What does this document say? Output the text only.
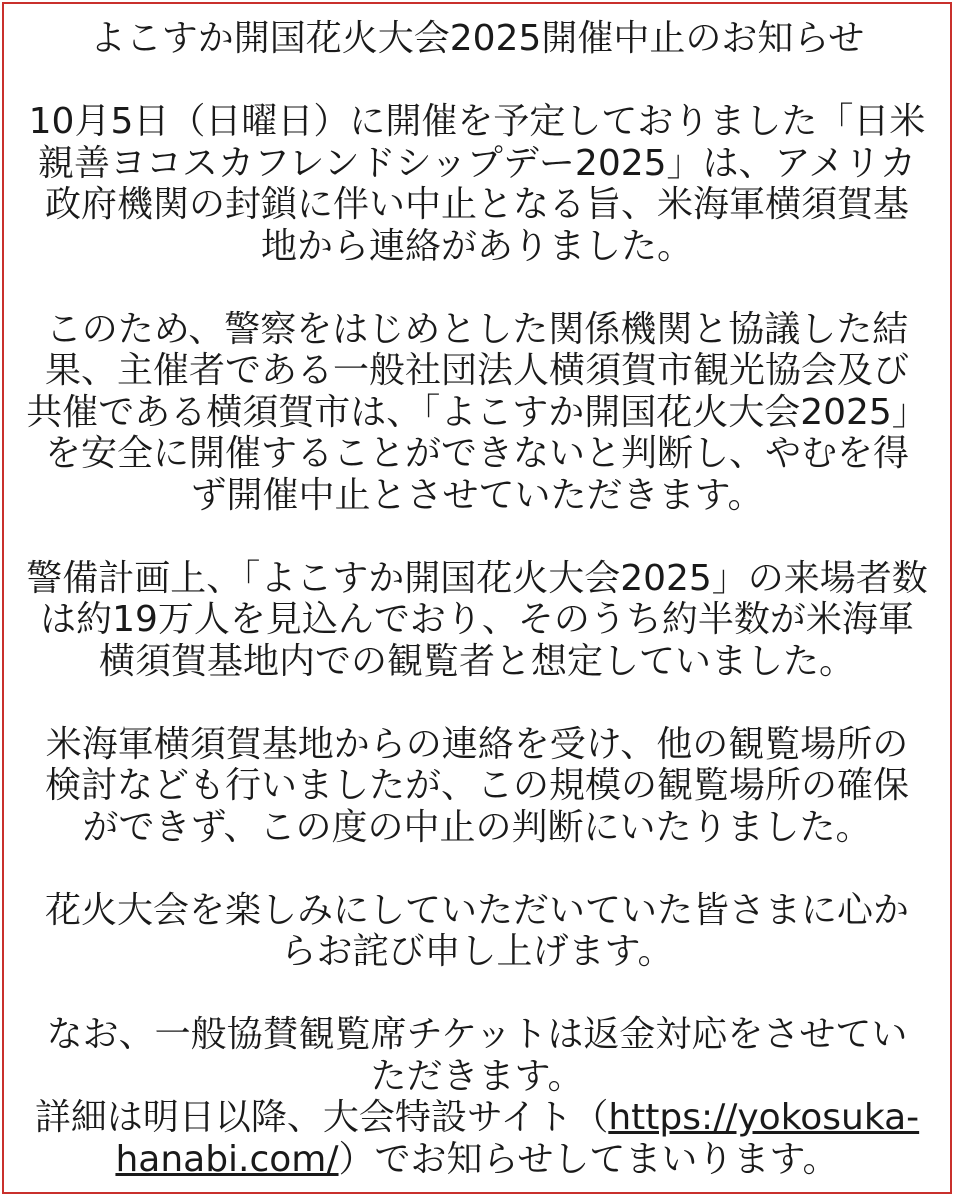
よこすか開国花火大会2025開催中止のお知らせ

10月5日（日曜日）に開催を予定しておりました「日米
親善ヨコスカフレンドシップデー2025」は、アメリカ
政府機関の封鎖に伴い中止となる旨、米海軍横須賀基
地から連絡がありました。

このため、警察をはじめとした関係機関と協議した結
果、主催者である一般社団法人横須賀市観光協会及び
共催である横須賀市は、「よこすか開国花火大会2025」
を安全に開催することができないと判断し、やむを得
ず開催中止とさせていただきます。

警備計画上、「よこすか開国花火大会2025」の来場者数
は約19万人を見込んでおり、そのうち約半数が米海軍
横須賀基地内での観覧者と想定していました。

米海軍横須賀基地からの連絡を受け、他の観覧場所の
検討なども行いましたが、この規模の観覧場所の確保
ができず、この度の中止の判断にいたりました。

花火大会を楽しみにしていただいていた皆さまに心か
らお詫び申し上げます。

なお、一般協賛観覧席チケットは返金対応をさせてい
ただきます。
詳細は明日以降、大会特設サイト（https://yokosuka-
hanabi.com/）でお知らせしてまいります。
